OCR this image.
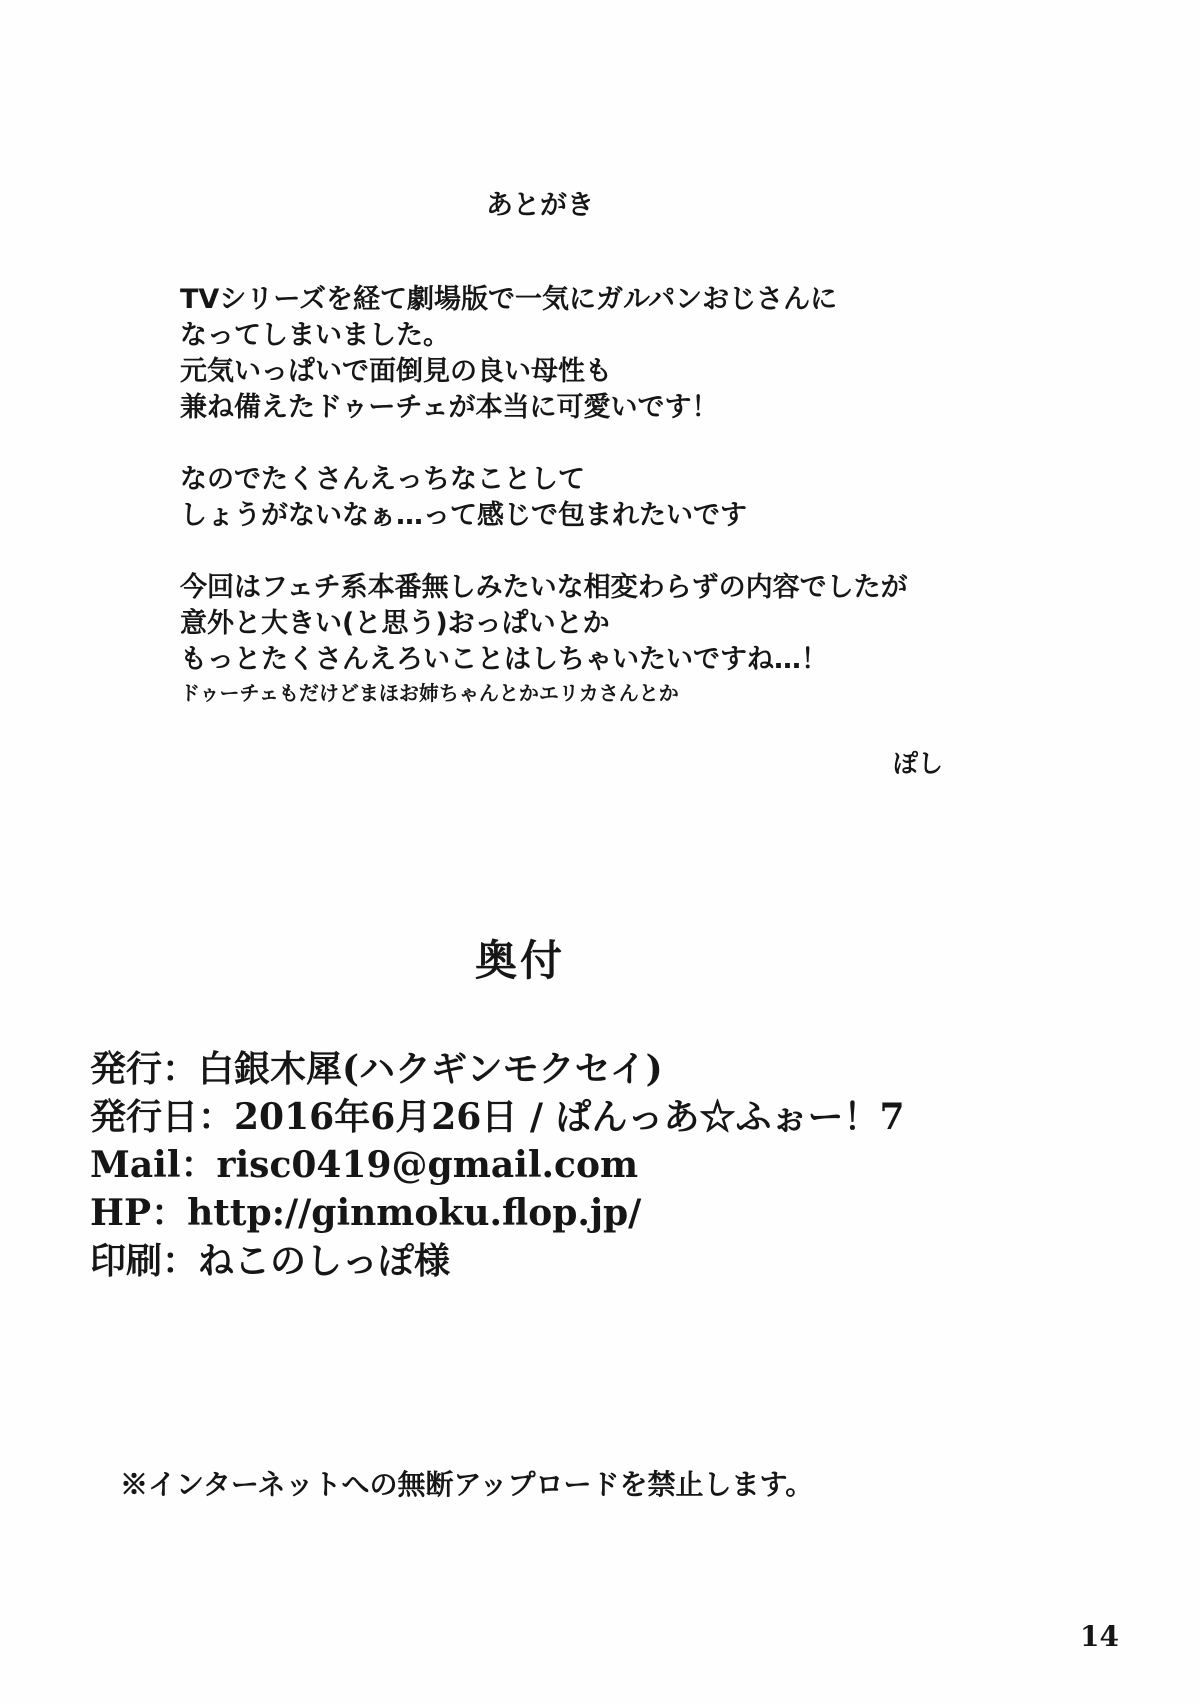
あとがき
TVシリーズを経て劇場版で一気にガルパンおじさんに
なってしまいました。
元気いっぱいで面倒見の良い母性も
兼ね備えたドゥーチェが本当に可愛いです！
なのでたくさんえっちなことして
しょうがないなぁ…って感じで包まれたいです
今回はフェチ系本番無しみたいな相変わらずの内容でしたが
意外と大きい(と思う)おっぱいとか
もっとたくさんえろいことはしちゃいたいですね…！
ドゥーチェもだけどまほお姉ちゃんとかエリカさんとか
ぽし
奥付
発行：白銀木犀(ハクギンモクセイ)
発行日：2016年6月26日 / ぱんっあ☆ふぉー！7
Mail：risc0419@gmail.com
HP：http://ginmoku.flop.jp/
印刷：ねこのしっぽ様
※インターネットへの無断アップロードを禁止します。
14
